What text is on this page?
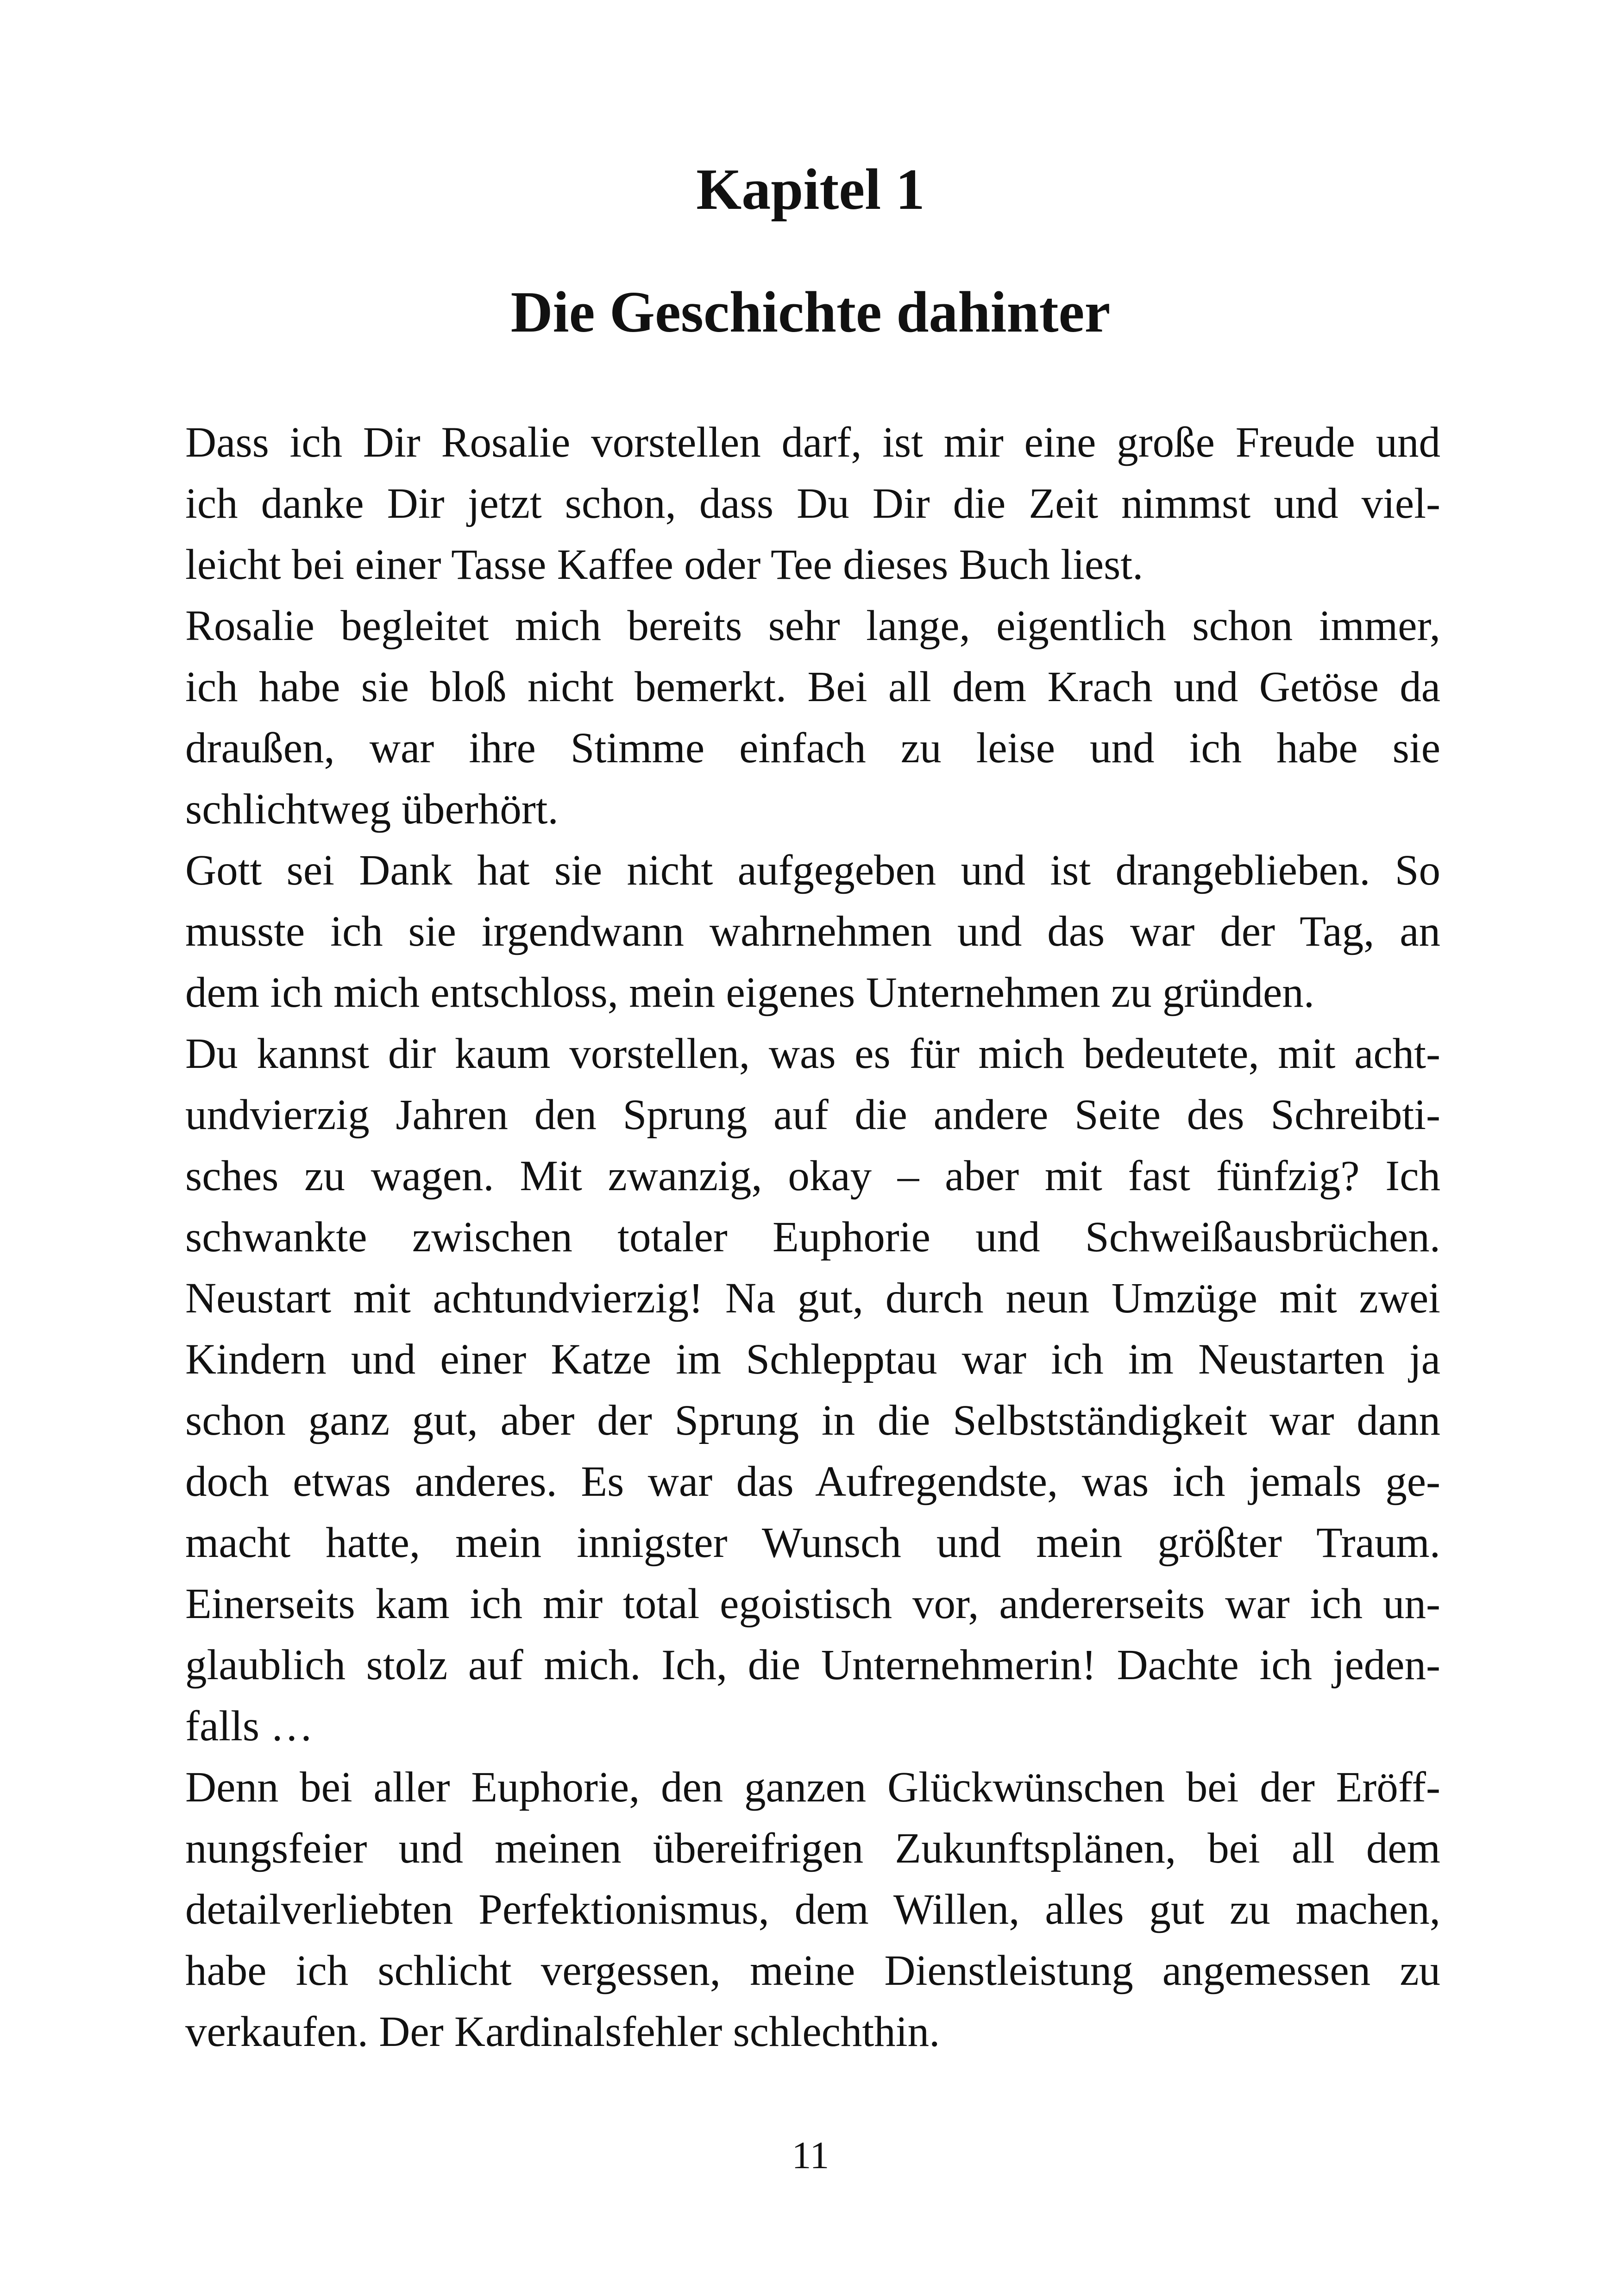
Kapitel 1
Die Geschichte dahinter
Dass ich Dir Rosalie vorstellen darf, ist mir eine große Freude und
ich danke Dir jetzt schon, dass Du Dir die Zeit nimmst und viel-
leicht bei einer Tasse Kaffee oder Tee dieses Buch liest.
Rosalie begleitet mich bereits sehr lange, eigentlich schon immer,
ich habe sie bloß nicht bemerkt. Bei all dem Krach und Getöse da
draußen, war ihre Stimme einfach zu leise und ich habe sie
schlichtweg überhört.
Gott sei Dank hat sie nicht aufgegeben und ist drangeblieben. So
musste ich sie irgendwann wahrnehmen und das war der Tag, an
dem ich mich entschloss, mein eigenes Unternehmen zu gründen.
Du kannst dir kaum vorstellen, was es für mich bedeutete, mit acht-
undvierzig Jahren den Sprung auf die andere Seite des Schreibti-
sches zu wagen. Mit zwanzig, okay – aber mit fast fünfzig? Ich
schwankte zwischen totaler Euphorie und Schweißausbrüchen.
Neustart mit achtundvierzig! Na gut, durch neun Umzüge mit zwei
Kindern und einer Katze im Schlepptau war ich im Neustarten ja
schon ganz gut, aber der Sprung in die Selbstständigkeit war dann
doch etwas anderes. Es war das Aufregendste, was ich jemals ge-
macht hatte, mein innigster Wunsch und mein größter Traum.
Einerseits kam ich mir total egoistisch vor, andererseits war ich un-
glaublich stolz auf mich. Ich, die Unternehmerin! Dachte ich jeden-
falls …
Denn bei aller Euphorie, den ganzen Glückwünschen bei der Eröff-
nungsfeier und meinen übereifrigen Zukunftsplänen, bei all dem
detailverliebten Perfektionismus, dem Willen, alles gut zu machen,
habe ich schlicht vergessen, meine Dienstleistung angemessen zu
verkaufen. Der Kardinalsfehler schlechthin.
11
